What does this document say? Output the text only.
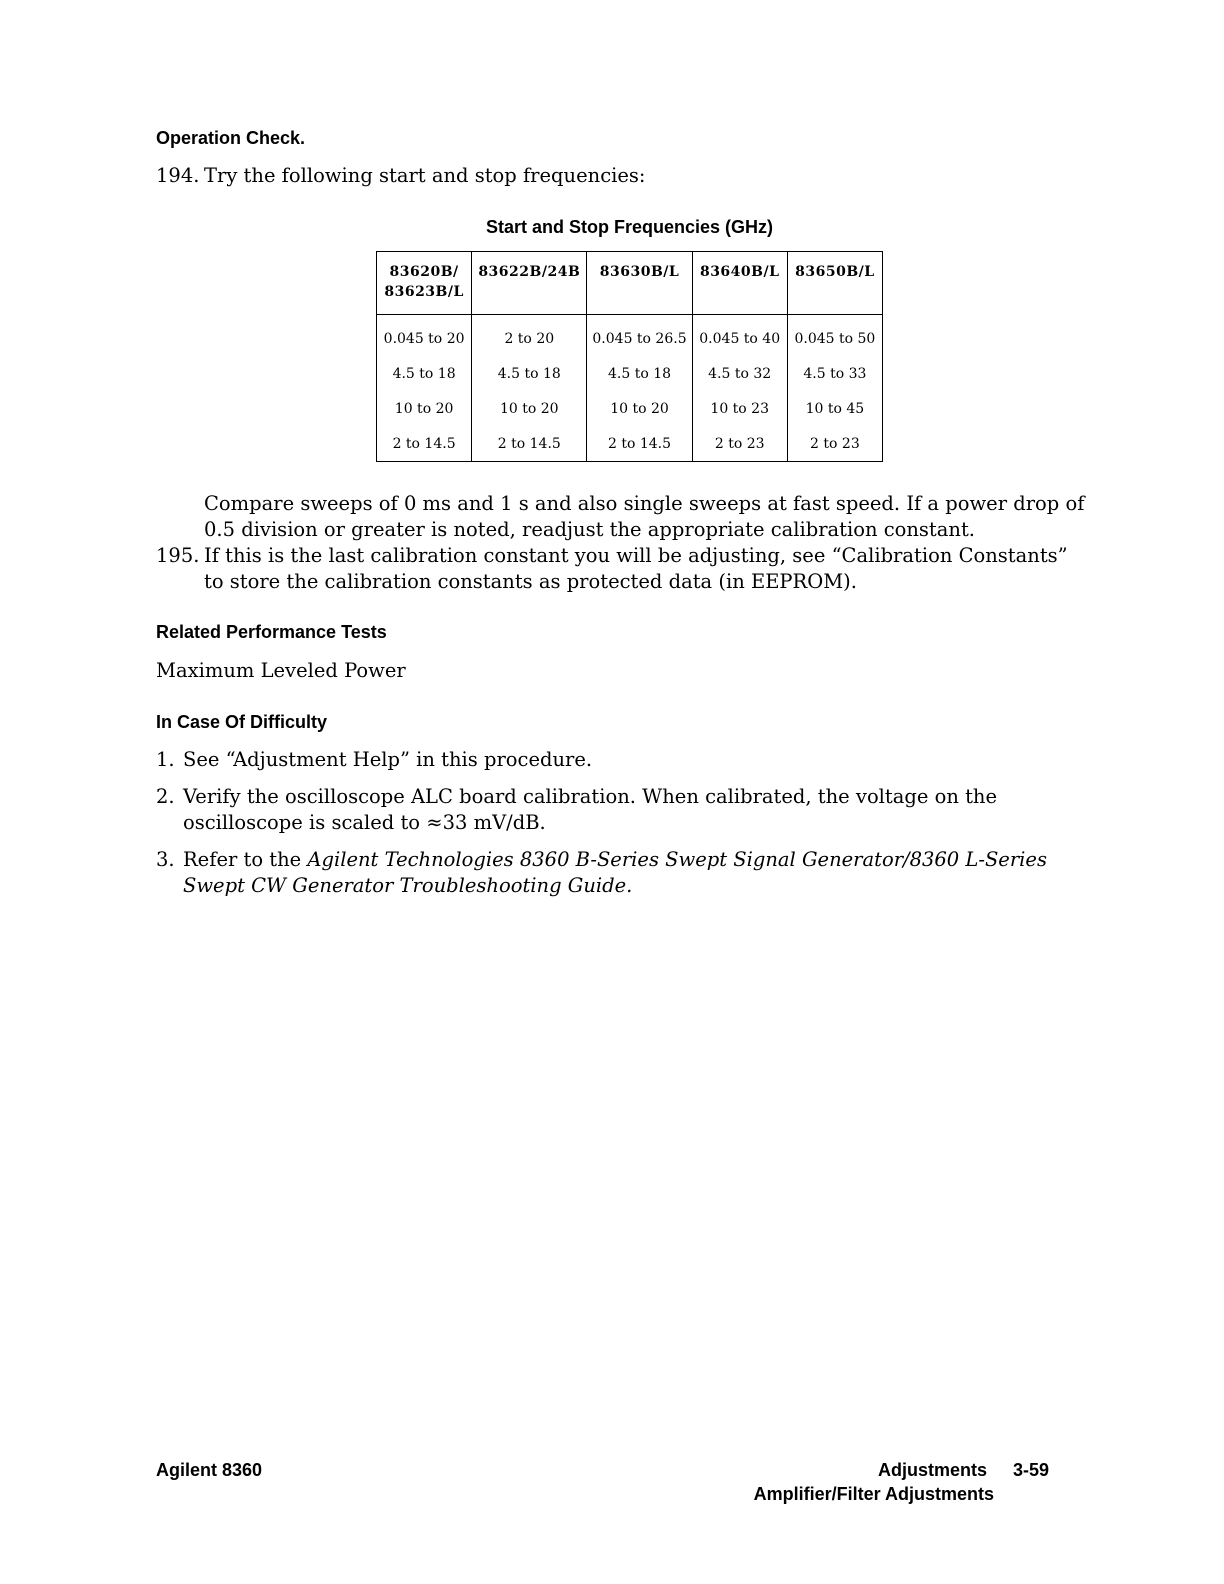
Operation Check.
194. Try the following start and stop frequencies:
Start and Stop Frequencies (GHz)
83620B/
83623B/L	83622B/24B	83630B/L	83640B/L	83650B/L
0.045 to 20	2 to 20	0.045 to 26.5	0.045 to 40	0.045 to 50
4.5 to 18	4.5 to 18	4.5 to 18	4.5 to 32	4.5 to 33
10 to 20	10 to 20	10 to 20	10 to 23	10 to 45
2 to 14.5	2 to 14.5	2 to 14.5	2 to 23	2 to 23
Compare sweeps of 0 ms and 1 s and also single sweeps at fast speed. If a power drop of
0.5 division or greater is noted, readjust the appropriate calibration constant.
195. If this is the last calibration constant you will be adjusting, see “Calibration Constants”
to store the calibration constants as protected data (in EEPROM).
Related Performance Tests
Maximum Leveled Power
In Case Of Difficulty
1. See “Adjustment Help” in this procedure.
2. Verify the oscilloscope ALC board calibration. When calibrated, the voltage on the
oscilloscope is scaled to ≈33 mV/dB.
3. Refer to the Agilent Technologies 8360 B-Series Swept Signal Generator/8360 L-Series
Swept CW Generator Troubleshooting Guide.
Agilent 8360	Adjustments 3-59
Amplifier/Filter Adjustments
